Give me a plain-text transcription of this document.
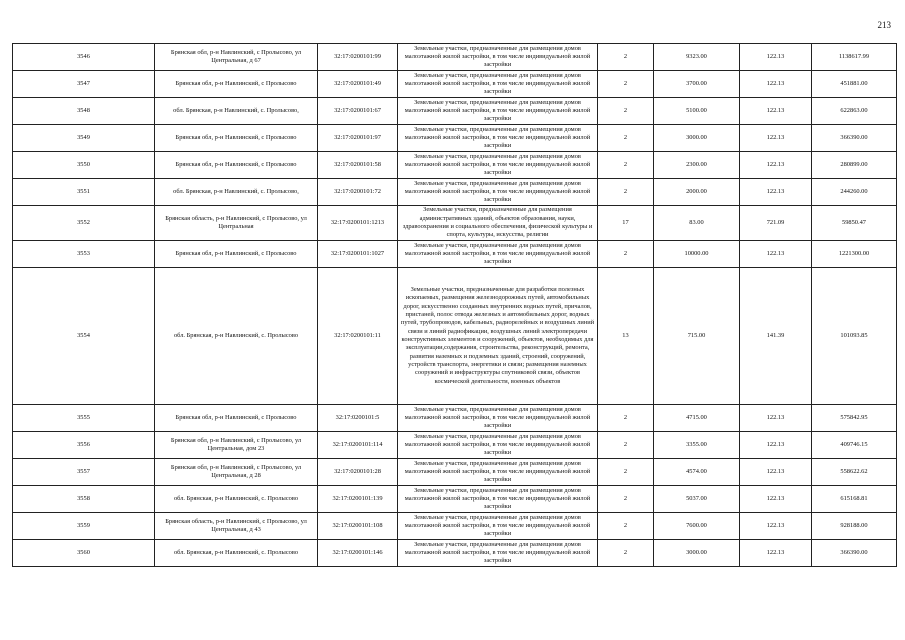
213
3546	Брянская обл, р-н Навлинский, с Пролысово, ул Центральная, д 67	32:17:0200101:99	Земельные участки, предназначенные для размещения домов малоэтажной жилой застройки, в том числе индивидуальной жилой застройки	2	9323.00	122.13	1138617.99
3547	Брянская обл, р-н Навлинский, с Пролысово	32:17:0200101:49	Земельные участки, предназначенные для размещения домов малоэтажной жилой застройки, в том числе индивидуальной жилой застройки	2	3700.00	122.13	451881.00
3548	обл. Брянская, р-н Навлинский, с. Пролысово,	32:17:0200101:67	Земельные участки, предназначенные для размещения домов малоэтажной жилой застройки, в том числе индивидуальной жилой застройки	2	5100.00	122.13	622863.00
3549	Брянская обл, р-н Навлинский, с Пролысово	32:17:0200101:97	Земельные участки, предназначенные для размещения домов малоэтажной жилой застройки, в том числе индивидуальной жилой застройки	2	3000.00	122.13	366390.00
3550	Брянская обл, р-н Навлинский, с Пролысово	32:17:0200101:58	Земельные участки, предназначенные для размещения домов малоэтажной жилой застройки, в том числе индивидуальной жилой застройки	2	2300.00	122.13	280899.00
3551	обл. Брянская, р-н Навлинский, с. Пролысово,	32:17:0200101:72	Земельные участки, предназначенные для размещения домов малоэтажной жилой застройки, в том числе индивидуальной жилой застройки	2	2000.00	122.13	244260.00
3552	Брянская область, р-н Навлинский, с Пролысово, ул Центральная	32:17:0200101:1213	Земельные участки, предназначенные для размещения административных зданий, объектов образования, науки, здравоохранения и социального обеспечения, физической культуры и спорта, культуры, искусства, религии	17	83.00	721.09	59850.47
3553	Брянская обл, р-н Навлинский, с Пролысово	32:17:0200101:1027	Земельные участки, предназначенные для размещения домов малоэтажной жилой застройки, в том числе индивидуальной жилой застройки	2	10000.00	122.13	1221300.00
3554	обл. Брянская, р-н Навлинский, с. Пролысово	32:17:0200101:11	Земельные участки, предназначенные для разработки полезных ископаемых, размещения железнодорожных путей, автомобильных дорог, искусственно созданных внутренних водных путей, причалов, пристаней, полос отвода железных и автомобильных дорог, водных путей, трубопроводов, кабельных, радиорелейных и воздушных линий связи и линий радиофикации, воздушных линий электропередачи конструктивных элементов и сооружений, объектов, необходимых для эксплуатации,содержания, строительства, реконструкций, ремонта, развития наземных и подземных зданий, строений, сооружений, устройств транспорта, энергетики и связи; размещения наземных сооружений и инфраструктуры спутниковой связи, объектов космической деятельности, военных объектов	13	715.00	141.39	101093.85
3555	Брянская обл, р-н Навлинский, с Пролысово	32:17:0200101:5	Земельные участки, предназначенные для размещения домов малоэтажной жилой застройки, в том числе индивидуальной жилой застройки	2	4715.00	122.13	575842.95
3556	Брянская обл, р-н Навлинский, с Пролысово, ул Центральная, дом 23	32:17:0200101:114	Земельные участки, предназначенные для размещения домов малоэтажной жилой застройки, в том числе индивидуальной жилой застройки	2	3355.00	122.13	409746.15
3557	Брянская обл, р-н Навлинский, с Пролысово, ул Центральная, д 28	32:17:0200101:28	Земельные участки, предназначенные для размещения домов малоэтажной жилой застройки, в том числе индивидуальной жилой застройки	2	4574.00	122.13	558622.62
3558	обл. Брянская, р-н Навлинский, с. Пролысово	32:17:0200101:139	Земельные участки, предназначенные для размещения домов малоэтажной жилой застройки, в том числе индивидуальной жилой застройки	2	5037.00	122.13	615168.81
3559	Брянская область, р-н Навлинский, с Пролысово, ул Центральная, д 43	32:17:0200101:108	Земельные участки, предназначенные для размещения домов малоэтажной жилой застройки, в том числе индивидуальной жилой застройки	2	7600.00	122.13	928188.00
3560	обл. Брянская, р-н Навлинский, с. Пролысово	32:17:0200101:146	Земельные участки, предназначенные для размещения домов малоэтажной жилой застройки, в том числе индивидуальной жилой застройки	2	3000.00	122.13	366390.00
